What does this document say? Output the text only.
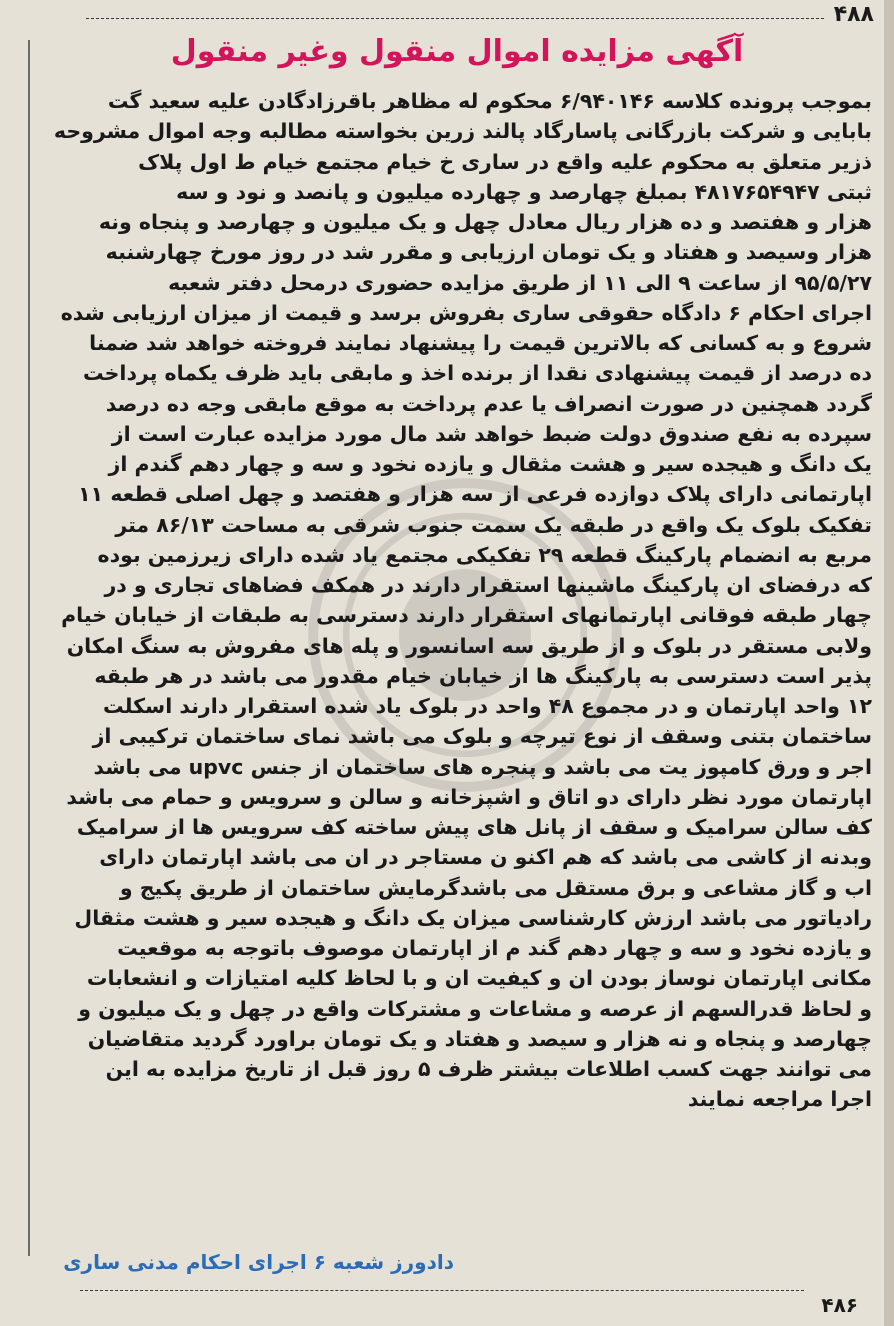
۴۸۸
آگهی مزایده اموال منقول وغیر منقول
بموجب پرونده کلاسه ۶/۹۴۰۱۴۶ محکوم له مظاهر باقرزادگادن علیه سعید گت
بابایی و شرکت بازرگانی پاسارگاد پالند زرین بخواسته مطالبه وجه اموال مشروحه
ذزیر متعلق به محکوم علیه واقع در ساری خ خیام مجتمع خیام ط اول پلاک
ثبتی ۴۸۱۷۶۵۴۹۴۷ بمبلغ چهارصد و چهارده میلیون و پانصد و نود و سه
هزار و هفتصد و ده هزار ریال معادل چهل و یک میلیون و چهارصد و پنجاه ونه
هزار وسیصد و هفتاد و یک تومان ارزیابی و مقرر شد در روز مورخ چهارشنبه
۹۵/۵/۲۷ از ساعت ۹ الی ۱۱ از طریق مزایده حضوری درمحل دفتر شعبه
اجرای احکام ۶ دادگاه حقوقی ساری بفروش برسد و قیمت از میزان ارزیابی شده
شروع و به کسانی که بالاترین قیمت را پیشنهاد نمایند فروخته خواهد شد ضمنا
ده درصد از قیمت پیشنهادی نقدا از برنده اخذ و مابقی باید ظرف یکماه پرداخت
گردد همچنین در صورت انصراف یا عدم پرداخت به موقع مابقی وجه ده درصد
سپرده به نفع صندوق دولت ضبط خواهد شد مال مورد مزایده عبارت است از
یک دانگ و هیجده سیر و هشت مثقال و یازده نخود و سه و چهار دهم گندم از
اپارتمانی دارای پلاک دوازده فرعی از سه هزار و هفتصد و چهل اصلی قطعه ۱۱
تفکیک بلوک یک واقع در طبقه یک سمت جنوب شرقی به مساحت ۸۶/۱۳ متر
مربع به انضمام پارکینگ قطعه ۲۹ تفکیکی مجتمع یاد شده دارای زیرزمین بوده
که درفضای ان پارکینگ ماشینها استقرار دارند در همکف فضاهای تجاری و در
چهار طبقه فوقانی اپارتمانهای استقرار دارند دسترسی به طبقات از خیابان خیام
ولابی مستقر در بلوک و از طریق سه اسانسور و پله های مفروش به سنگ امکان
پذیر است دسترسی به پارکینگ ها از خیابان خیام مقدور می باشد در هر طبقه
۱۲ واحد اپارتمان و در مجموع ۴۸ واحد در بلوک یاد شده استقرار دارند اسکلت
ساختمان بتنی وسقف از نوع تیرچه و بلوک می باشد نمای ساختمان ترکیبی از
اجر و ورق کامپوز یت می باشد و پنجره های ساختمان از جنس upvc می باشد
اپارتمان مورد نظر دارای دو اتاق و اشپزخانه و سالن و سرویس و حمام می باشد
کف سالن سرامیک و سقف از پانل های پیش ساخته کف سرویس ها از سرامیک
وبدنه از کاشی می باشد که هم اکنو ن مستاجر در ان می باشد اپارتمان دارای
اب و گاز مشاعی و برق مستقل می باشدگرمایش ساختمان از طریق پکیج و
رادیاتور می باشد ارزش کارشناسی میزان یک دانگ و هیجده سیر و هشت مثقال
و یازده نخود و سه و چهار دهم گند م از اپارتمان موصوف باتوجه به موقعیت
مکانی اپارتمان نوساز بودن ان و کیفیت ان و با لحاظ کلیه امتیازات و انشعابات
و لحاظ قدرالسهم از عرصه و مشاعات و مشترکات واقع در چهل و یک میلیون و
چهارصد و پنجاه و نه هزار و سیصد و هفتاد و یک تومان براورد گردید متقاضیان
می توانند جهت کسب اطلاعات بیشتر ظرف ۵ روز قبل از تاریخ مزایده به این
اجرا مراجعه نمایند
دادورز شعبه ۶ اجرای احکام مدنی ساری
۴۸۶
